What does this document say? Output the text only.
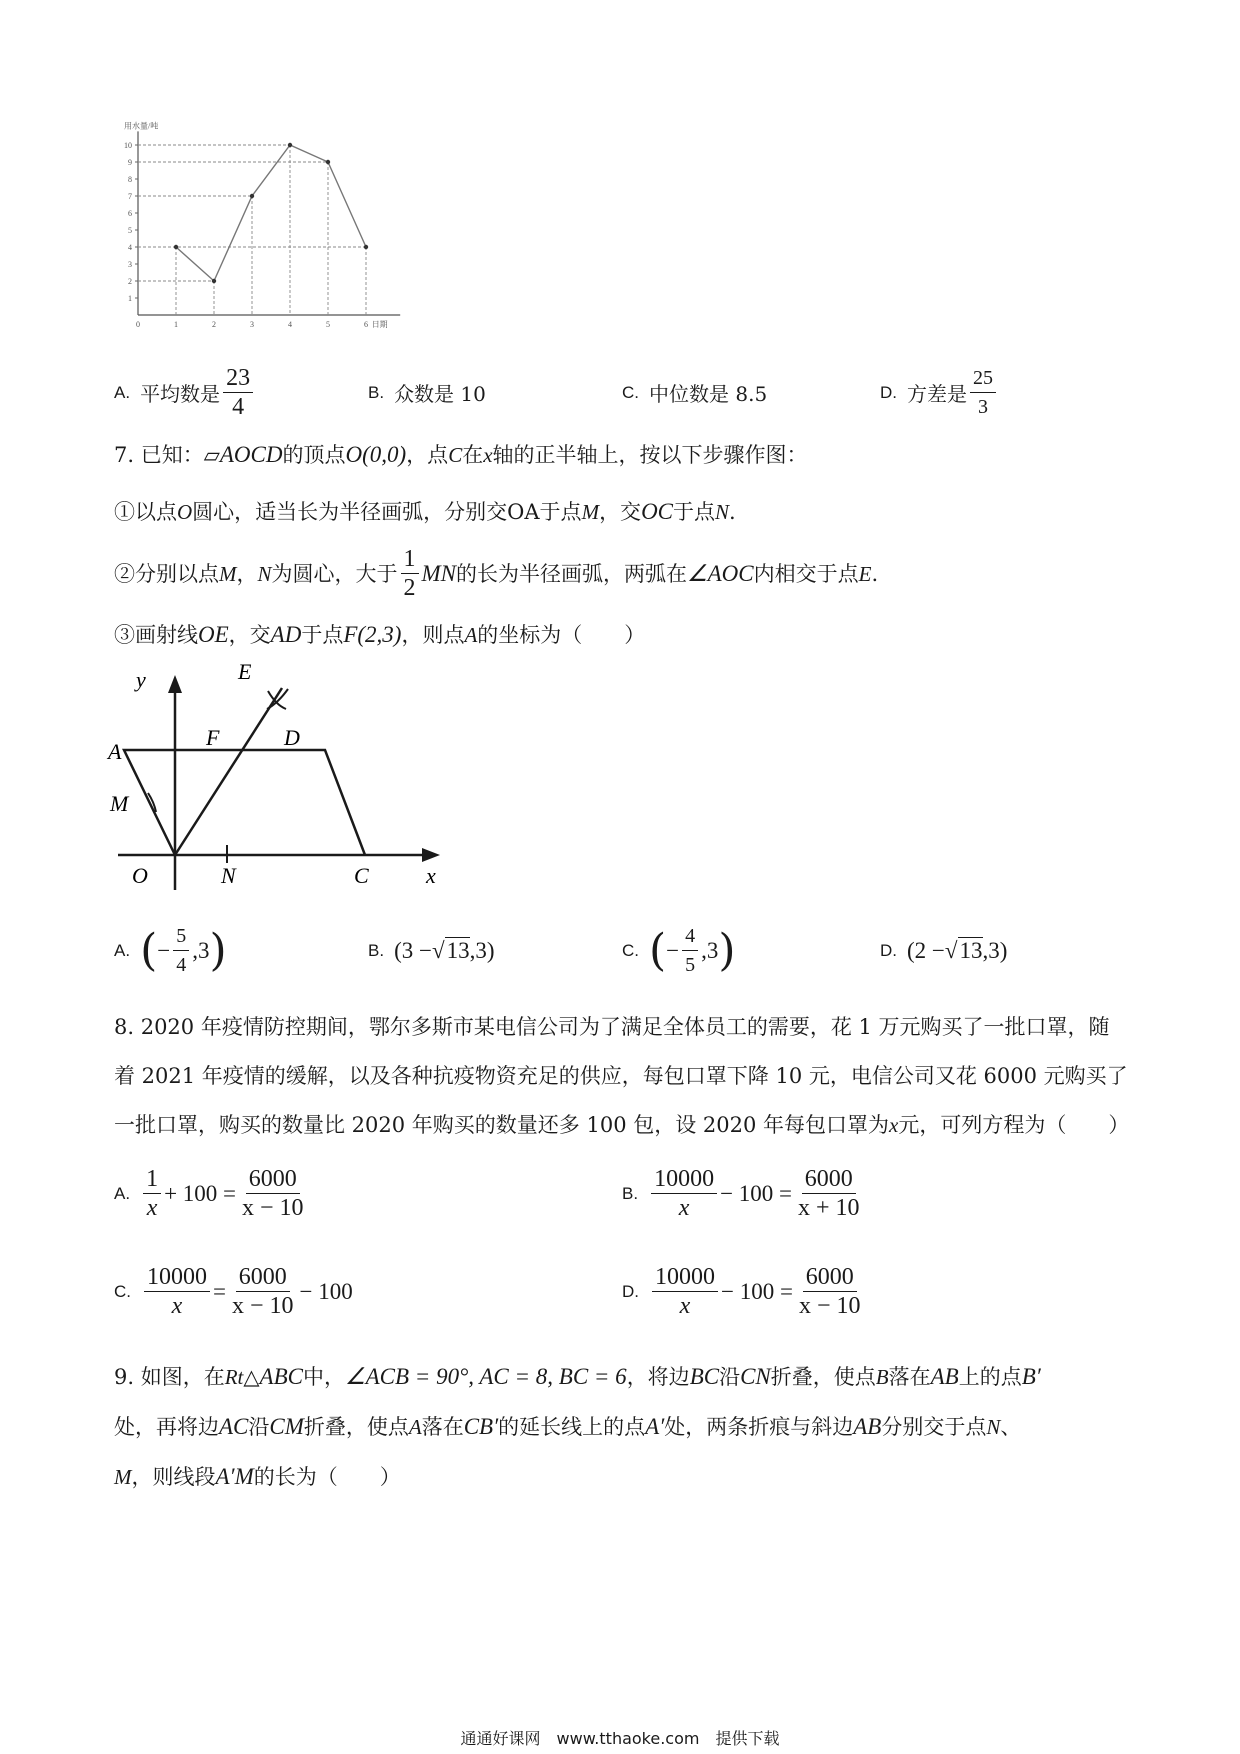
1
2
3
4
5
6
7
8
9
10
0	1	2	3	4	5	6
用水量/吨
日期
A. 平均数是 $\frac{23}{4}$	B. 众数是 10	C. 中位数是 8.5	D. 方差是 $\frac{25}{3}$
7. 已知：▱AOCD的顶点O(0,0)，点C在x轴的正半轴上，按以下步骤作图：
①以点O圆心，适当长为半径画弧，分别交OA于点M，交OC于点N.
②分别以点 M ， N 为圆心，大于 $\frac{1}{2}$ MN 的长为半径画弧，两弧在 ∠AOC 内相交于点 E .
③画射线OE，交AD于点F(2,3)，则点A的坐标为（　　）
y	E
A
F	D
M
O	N	C	x
A. ( − $\frac{5}{4} ,3$ )	B. (3 − √ 13 ,3)	C. ( − $\frac{4}{5} ,3$ )	D. (2 − √ 13 ,3)
8. 2020 年疫情防控期间，鄂尔多斯市某电信公司为了满足全体员工的需要，花 1 万元购买了一批口罩，随
着 2021 年疫情的缓解，以及各种抗疫物资充足的供应，每包口罩下降 10 元，电信公司又花 6000 元购买了
一批口罩，购买的数量比 2020 年购买的数量还多 100 包，设 2020 年每包口罩为x元，可列方程为（　　）
A. $\frac{1}{x} + 100 = \frac{6000}{x - 10}$	B. $\frac{10000}{x} - 100 = \frac{6000}{x + 10}$
C. $\frac{10000}{x} = \frac{6000}{x - 10} - 100$	D. $\frac{10000}{x} - 100 = \frac{6000}{x - 10}$
9. 如图，在Rt△ABC中，∠ACB = 90°, AC = 8, BC = 6，将边BC沿CN折叠，使点B落在AB上的点B′
处，再将边AC沿CM折叠，使点A落在CB′的延长线上的点A′处，两条折痕与斜边AB分别交于点N、
M，则线段A′M的长为（　　）
通通好课网　www.tthaoke.com　提供下载
